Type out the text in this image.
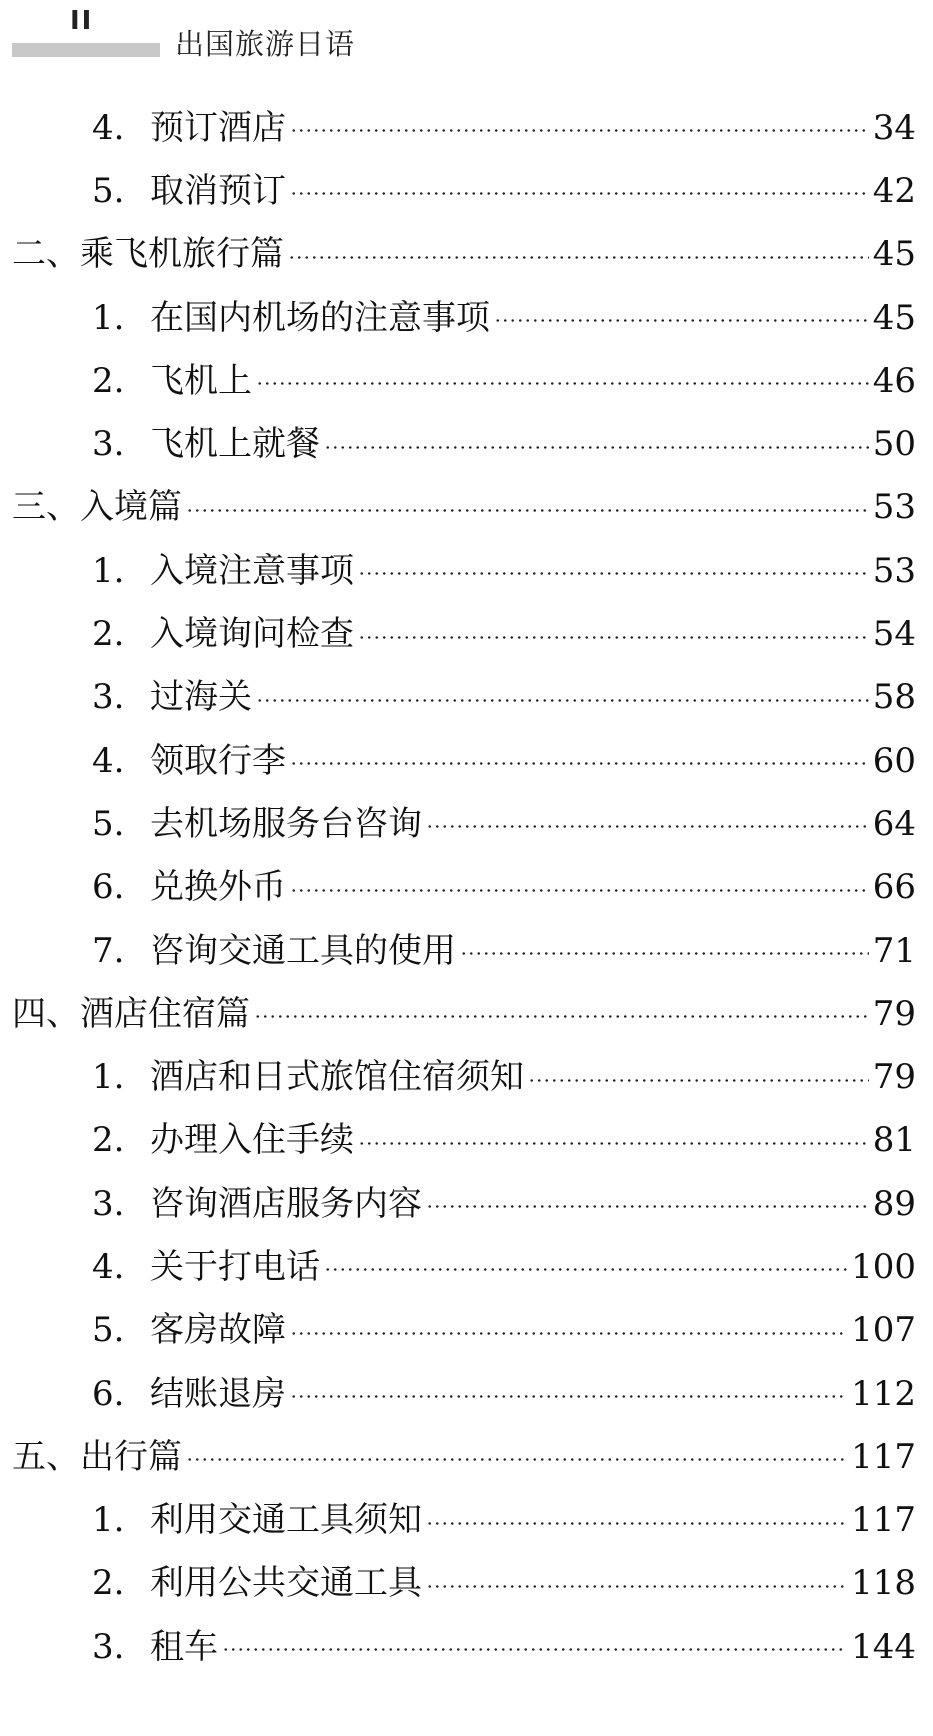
II
出国旅游日语
4. 预订酒店	34
5. 取消预订	42
二、乘飞机旅行篇	45
1. 在国内机场的注意事项	45
2. 飞机上	46
3. 飞机上就餐	50
三、入境篇	53
1. 入境注意事项	53
2. 入境询问检查	54
3. 过海关	58
4. 领取行李	60
5. 去机场服务台咨询	64
6. 兑换外币	66
7. 咨询交通工具的使用	71
四、酒店住宿篇	79
1. 酒店和日式旅馆住宿须知	79
2. 办理入住手续	81
3. 咨询酒店服务内容	89
4. 关于打电话	100
5. 客房故障	107
6. 结账退房	112
五、出行篇	117
1. 利用交通工具须知	117
2. 利用公共交通工具	118
3. 租车	144
